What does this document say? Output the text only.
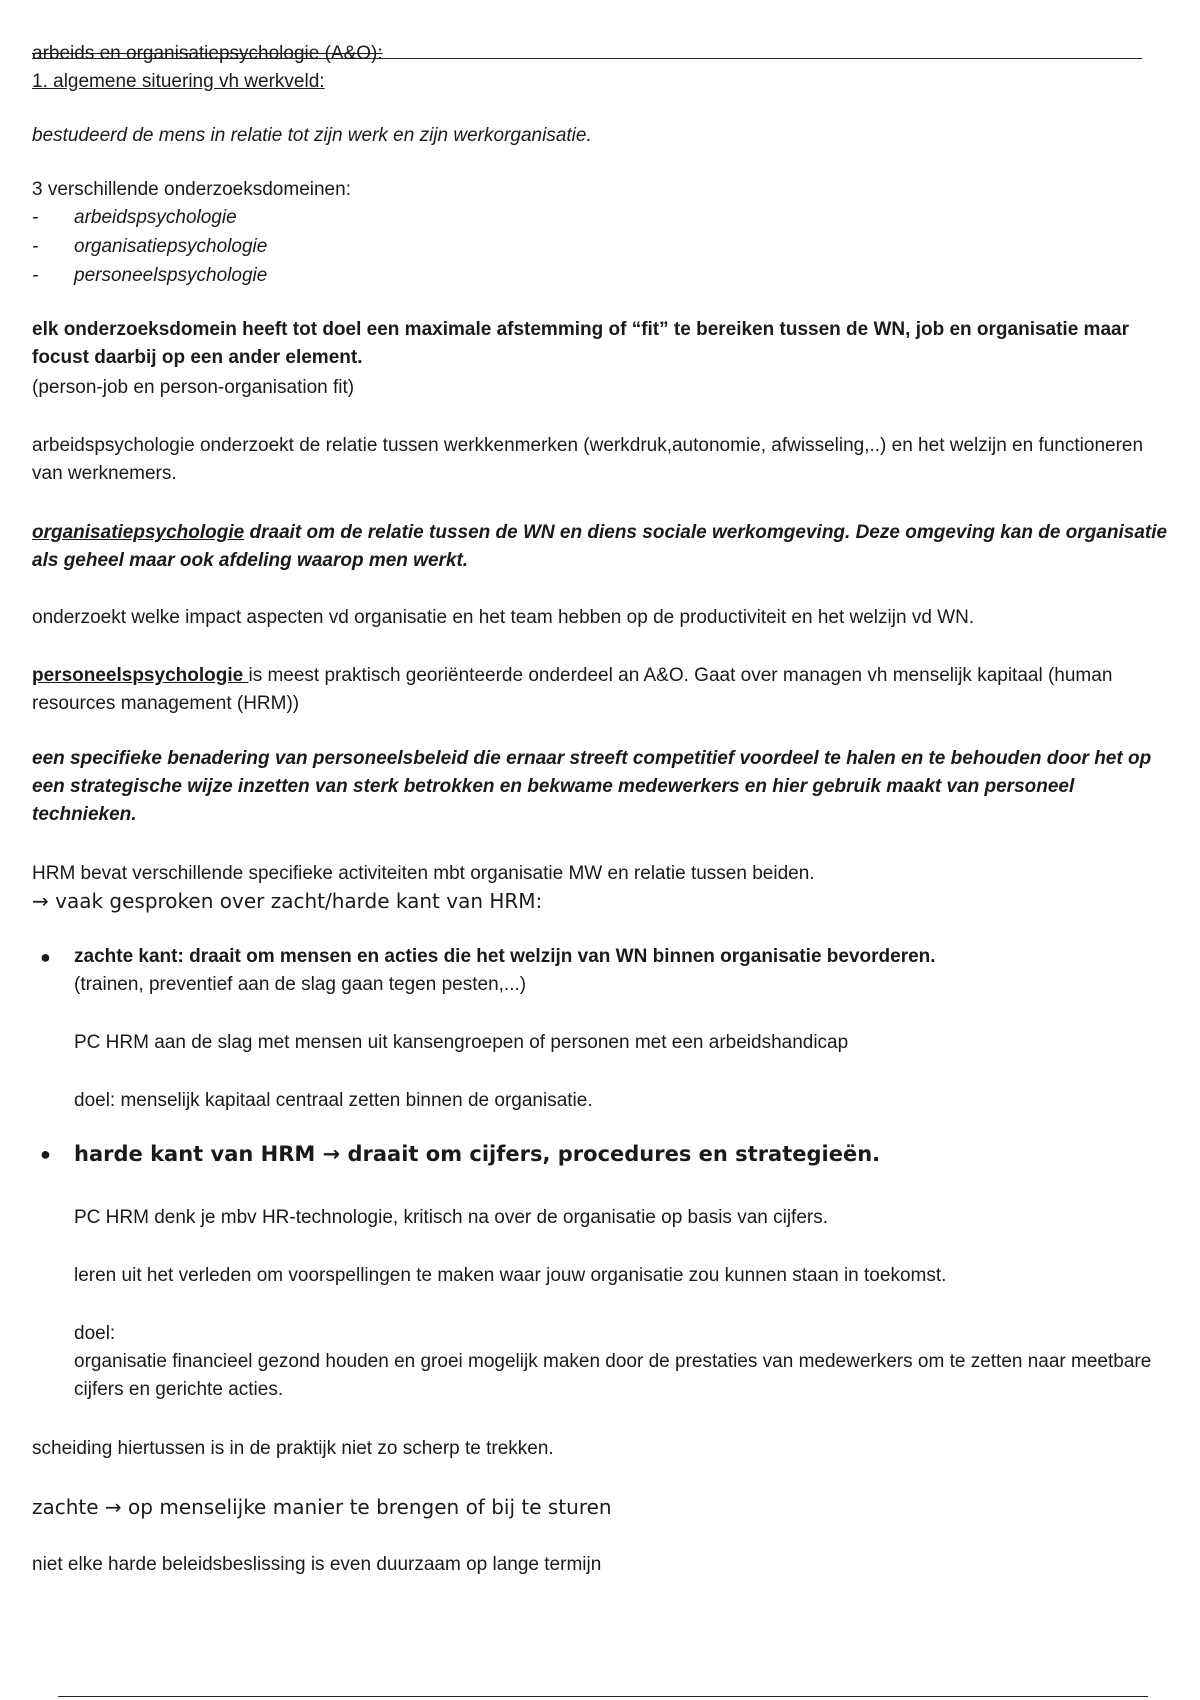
arbeids en organisatiepsychologie (A&O):
1. algemene situering vh werkveld:
bestudeerd de mens in relatie tot zijn werk en zijn werkorganisatie.
3 verschillende onderzoeksdomeinen:
- arbeidspsychologie
- organisatiepsychologie
- personeelspsychologie
elk onderzoeksdomein heeft tot doel een maximale afstemming of “fit” te bereiken tussen de WN, job en organisatie maar focust daarbij op een ander element.
(person-job en person-organisation fit)
arbeidspsychologie onderzoekt de relatie tussen werkkenmerken (werkdruk,autonomie, afwisseling,..) en het welzijn en functioneren van werknemers.
organisatiepsychologie draait om de relatie tussen de WN en diens sociale werkomgeving. Deze omgeving kan de organisatie als geheel maar ook afdeling waarop men werkt.
onderzoekt welke impact aspecten vd organisatie en het team hebben op de productiviteit en het welzijn vd WN.
personeelspsychologie is meest praktisch georiënteerde onderdeel an A&O. Gaat over managen vh menselijk kapitaal (human resources management (HRM))
een specifieke benadering van personeelsbeleid die ernaar streeft competitief voordeel te halen en te behouden door het op een strategische wijze inzetten van sterk betrokken en bekwame medewerkers en hier gebruik maakt van personeel technieken.
HRM bevat verschillende specifieke activiteiten mbt organisatie MW en relatie tussen beiden.
→ vaak gesproken over zacht/harde kant van HRM:
● zachte kant: draait om mensen en acties die het welzijn van WN binnen organisatie bevorderen.
(trainen, preventief aan de slag gaan tegen pesten,...)
PC HRM aan de slag met mensen uit kansengroepen of personen met een arbeidshandicap
doel: menselijk kapitaal centraal zetten binnen de organisatie.
● harde kant van HRM → draait om cijfers, procedures en strategieën.
PC HRM denk je mbv HR-technologie, kritisch na over de organisatie op basis van cijfers.
leren uit het verleden om voorspellingen te maken waar jouw organisatie zou kunnen staan in toekomst.
doel:
organisatie financieel gezond houden en groei mogelijk maken door de prestaties van medewerkers om te zetten naar meetbare cijfers en gerichte acties.
scheiding hiertussen is in de praktijk niet zo scherp te trekken.
zachte → op menselijke manier te brengen of bij te sturen
niet elke harde beleidsbeslissing is even duurzaam op lange termijn
